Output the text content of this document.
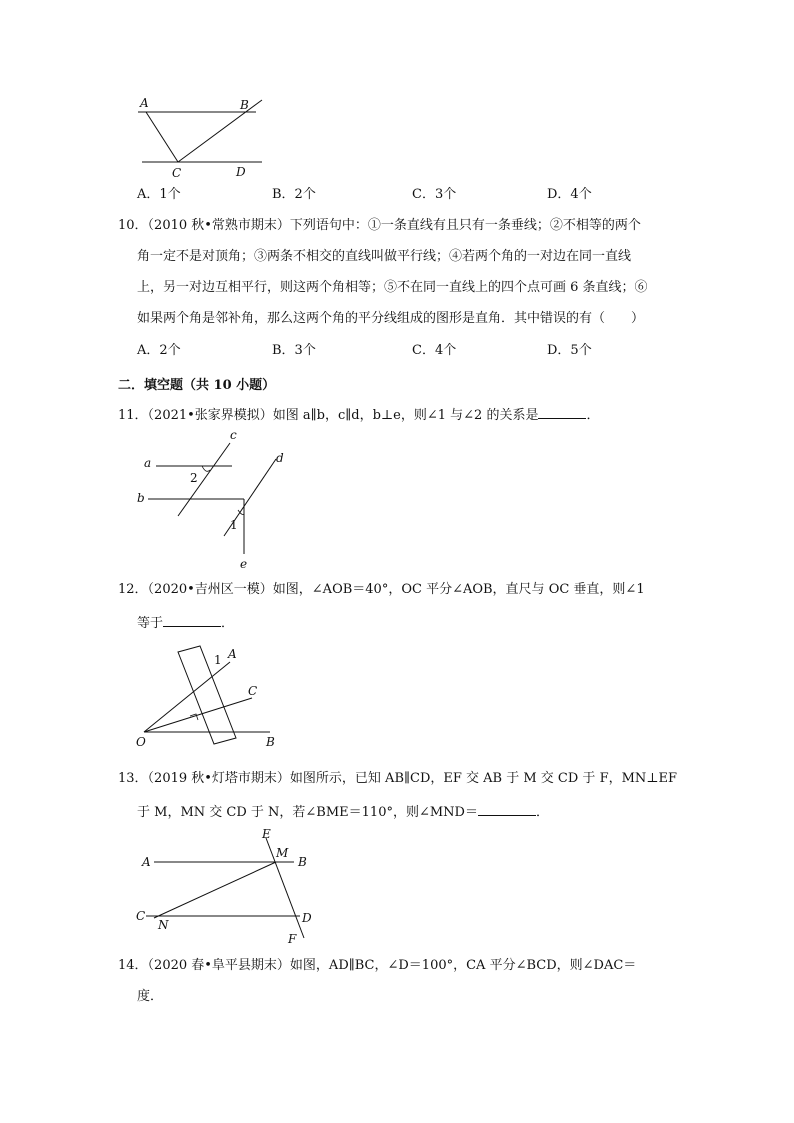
A	B
C	D
A．1个	B．2个	C．3个	D．4个
10．（2010 秋•常熟市期末）下列语句中：①一条直线有且只有一条垂线；②不相等的两个
角一定不是对顶角；③两条不相交的直线叫做平行线；④若两个角的一对边在同一直线
上，另一对边互相平行，则这两个角相等；⑤不在同一直线上的四个点可画 6 条直线；⑥
如果两个角是邻补角，那么这两个角的平分线组成的图形是直角．其中错误的有（　　）
A．2个	B．3个	C．4个	D．5个
二．填空题（共 10 小题）
11．（2021•张家界模拟）如图 a∥b，c∥d，b⊥e，则∠1 与∠2 的关系是	．
a
b
c
d
e
2
1
12．（2020•吉州区一模）如图，∠AOB＝40°，OC 平分∠AOB，直尺与 OC 垂直，则∠1
等于	．
A
C
O	B
1
13．（2019 秋•灯塔市期末）如图所示，已知 AB∥CD，EF 交 AB 于 M 交 CD 于 F，MN⊥EF
于 M，MN 交 CD 于 N，若∠BME＝110°，则∠MND＝	．
A	B
C	D
E
F
M
N
14．（2020 春•阜平县期末）如图，AD∥BC，∠D＝100°，CA 平分∠BCD，则∠DAC＝
度．
